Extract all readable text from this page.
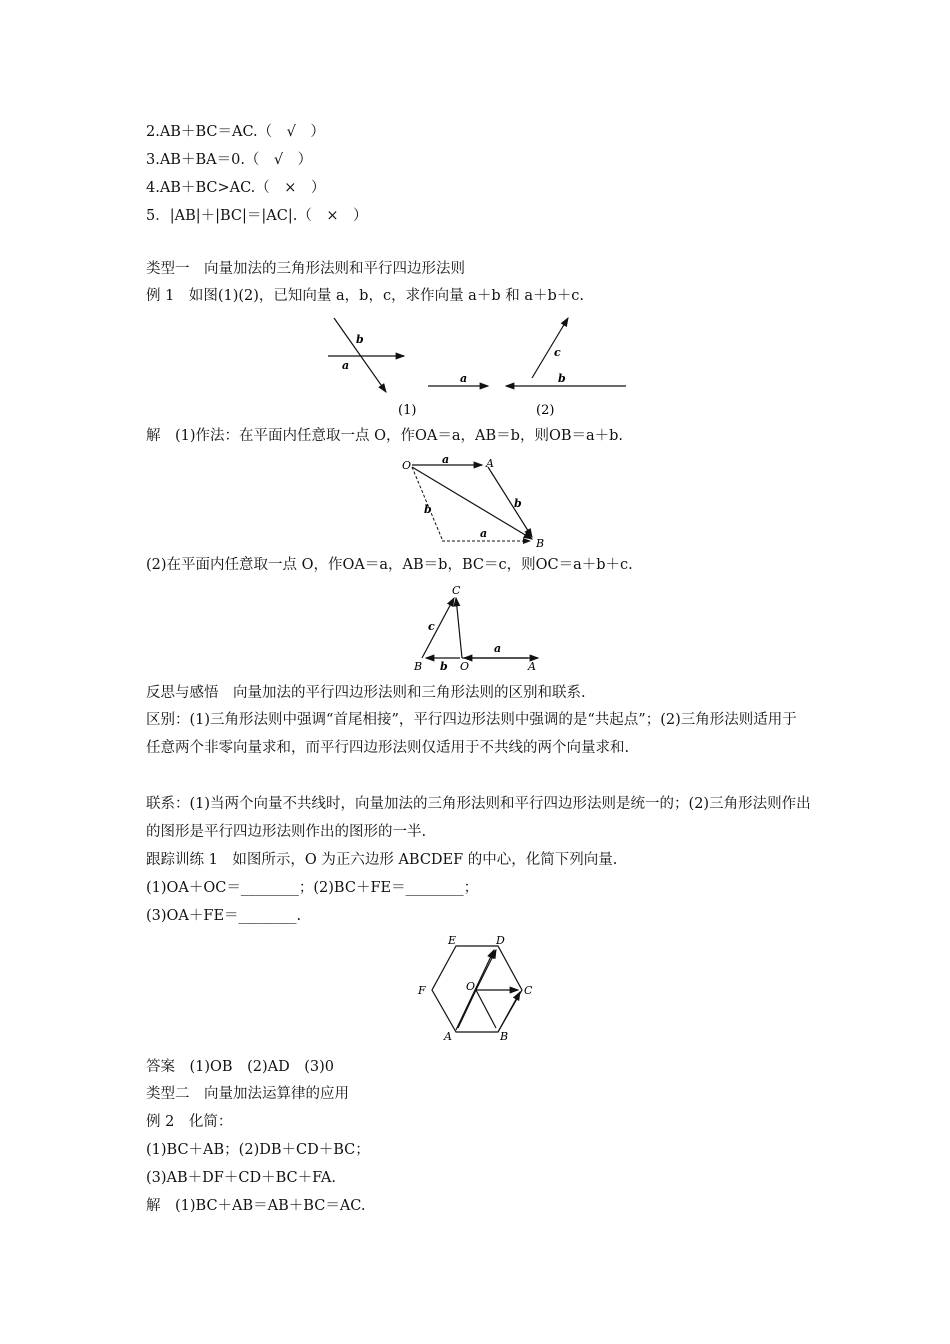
2.AB＋BC＝AC.（　√　）
3.AB＋BA＝0.（　√　）
4.AB＋BC>AC.（　×　）
5．|AB|＋|BC|＝|AC|.（　×　）
类型一　向量加法的三角形法则和平行四边形法则
例 1　如图(1)(2)，已知向量 a，b，c，求作向量 a＋b 和 a＋b＋c.
a
b
a	b
c
(1)	(2)
解　(1)作法：在平面内任意取一点 O，作OA＝a，AB＝b，则OB＝a＋b.
O	A
B
a
b
b
a
(2)在平面内任意取一点 O，作OA＝a，AB＝b，BC＝c，则OC＝a＋b＋c.
C
B	O	A
c
b
a
反思与感悟　向量加法的平行四边形法则和三角形法则的区别和联系.
区别：(1)三角形法则中强调“首尾相接”，平行四边形法则中强调的是“共起点”；(2)三角形法则适用于任意两个非零向量求和，而平行四边形法则仅适用于不共线的两个向量求和.
联系：(1)当两个向量不共线时，向量加法的三角形法则和平行四边形法则是统一的；(2)三角形法则作出的图形是平行四边形法则作出的图形的一半.
跟踪训练 1　如图所示，O 为正六边形 ABCDEF 的中心，化简下列向量.
(1)OA＋OC＝________；(2)BC＋FE＝________；
(3)OA＋FE＝________.
E	D
F	O	C
A	B
答案　(1)OB　(2)AD　(3)0
类型二　向量加法运算律的应用
例 2　化简：
(1)BC＋AB；(2)DB＋CD＋BC；
(3)AB＋DF＋CD＋BC＋FA.
解　(1)BC＋AB＝AB＋BC＝AC.
